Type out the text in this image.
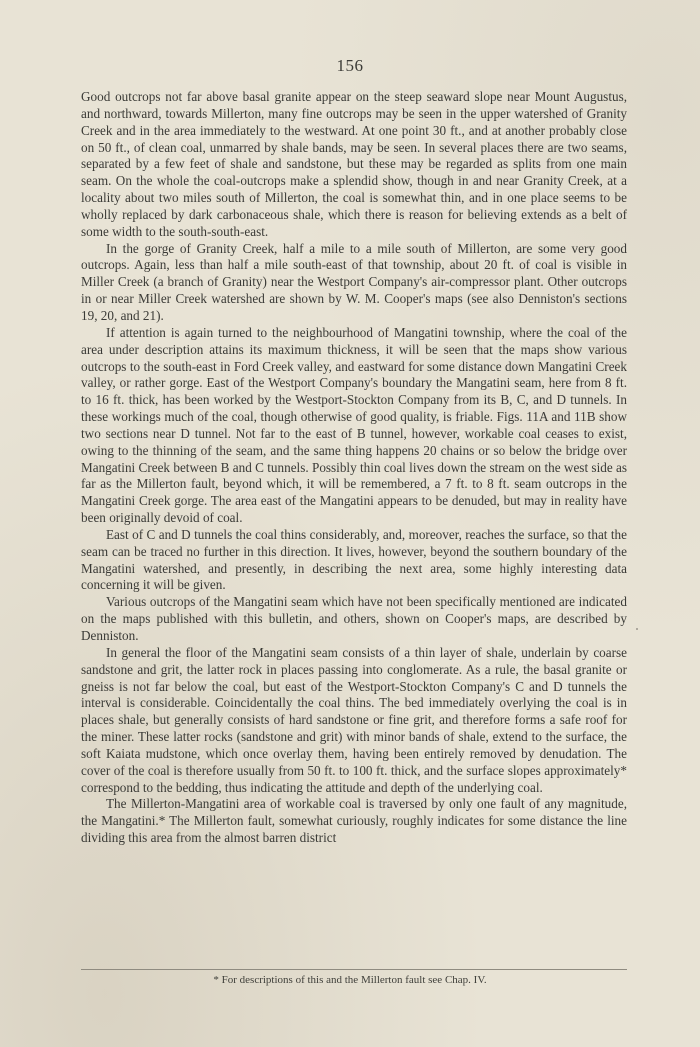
156

Good outcrops not far above basal granite appear on the steep seaward slope near Mount Augustus, and northward, towards Millerton, many fine outcrops may be seen in the upper watershed of Granity Creek and in the area immediately to the westward. At one point 30 ft., and at another probably close on 50 ft., of clean coal, unmarred by shale bands, may be seen. In several places there are two seams, separated by a few feet of shale and sandstone, but these may be regarded as splits from one main seam. On the whole the coal-outcrops make a splendid show, though in and near Granity Creek, at a locality about two miles south of Millerton, the coal is somewhat thin, and in one place seems to be wholly replaced by dark carbonaceous shale, which there is reason for believing extends as a belt of some width to the south-south-east.

In the gorge of Granity Creek, half a mile to a mile south of Millerton, are some very good outcrops. Again, less than half a mile south-east of that township, about 20 ft. of coal is visible in Miller Creek (a branch of Granity) near the Westport Company's air-compressor plant. Other outcrops in or near Miller Creek watershed are shown by W. M. Cooper's maps (see also Denniston's sections 19, 20, and 21).

If attention is again turned to the neighbourhood of Mangatini township, where the coal of the area under description attains its maximum thickness, it will be seen that the maps show various outcrops to the south-east in Ford Creek valley, and eastward for some distance down Mangatini Creek valley, or rather gorge. East of the Westport Company's boundary the Mangatini seam, here from 8 ft. to 16 ft. thick, has been worked by the Westport-Stockton Company from its B, C, and D tunnels. In these workings much of the coal, though otherwise of good quality, is friable. Figs. 11A and 11B show two sections near D tunnel. Not far to the east of B tunnel, however, workable coal ceases to exist, owing to the thinning of the seam, and the same thing happens 20 chains or so below the bridge over Mangatini Creek between B and C tunnels. Possibly thin coal lives down the stream on the west side as far as the Millerton fault, beyond which, it will be remembered, a 7 ft. to 8 ft. seam outcrops in the Mangatini Creek gorge. The area east of the Mangatini appears to be denuded, but may in reality have been originally devoid of coal.

East of C and D tunnels the coal thins considerably, and, moreover, reaches the surface, so that the seam can be traced no further in this direction. It lives, however, beyond the southern boundary of the Mangatini watershed, and presently, in describing the next area, some highly interesting data concerning it will be given.

Various outcrops of the Mangatini seam which have not been specifically mentioned are indicated on the maps published with this bulletin, and others, shown on Cooper's maps, are described by Denniston.

In general the floor of the Mangatini seam consists of a thin layer of shale, underlain by coarse sandstone and grit, the latter rock in places passing into conglomerate. As a rule, the basal granite or gneiss is not far below the coal, but east of the Westport-Stockton Company's C and D tunnels the interval is considerable. Coincidentally the coal thins. The bed immediately overlying the coal is in places shale, but generally consists of hard sandstone or fine grit, and therefore forms a safe roof for the miner. These latter rocks (sandstone and grit) with minor bands of shale, extend to the surface, the soft Kaiata mudstone, which once overlay them, having been entirely removed by denudation. The cover of the coal is therefore usually from 50 ft. to 100 ft. thick, and the surface slopes approximately* correspond to the bedding, thus indicating the attitude and depth of the underlying coal.

The Millerton-Mangatini area of workable coal is traversed by only one fault of any magnitude, the Mangatini.* The Millerton fault, somewhat curiously, roughly indicates for some distance the line dividing this area from the almost barren district

* For descriptions of this and the Millerton fault see Chap. IV.
